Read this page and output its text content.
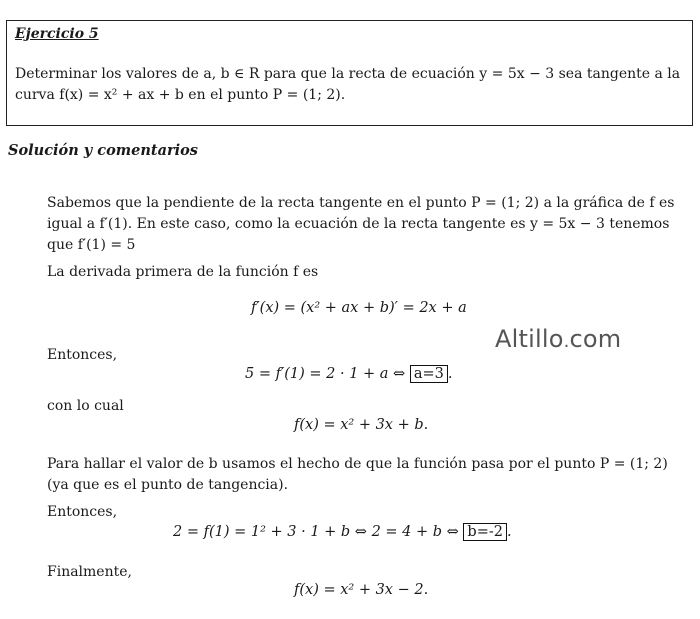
Ejercicio 5
Determinar los valores de a, b ∈ R para que la recta de ecuación y = 5x − 3 sea tangente a la
curva f(x) = x² + ax + b en el punto P = (1; 2).
Solución y comentarios
Sabemos que la pendiente de la recta tangente en el punto P = (1; 2) a la gráfica de f es
igual a f′(1). En este caso, como la ecuación de la recta tangente es y = 5x − 3 tenemos
que f′(1) = 5
La derivada primera de la función f es
f′(x) = (x² + ax + b)′ = 2x + a
Altillo.com
Entonces,
5 = f′(1) = 2 · 1 + a ⇔ a=3 .
con lo cual
f(x) = x² + 3x + b.
Para hallar el valor de b usamos el hecho de que la función pasa por el punto P = (1; 2)
(ya que es el punto de tangencia).
Entonces,
2 = f(1) = 1² + 3 · 1 + b ⇔ 2 = 4 + b ⇔ b=-2 .
Finalmente,
f(x) = x² + 3x − 2.
